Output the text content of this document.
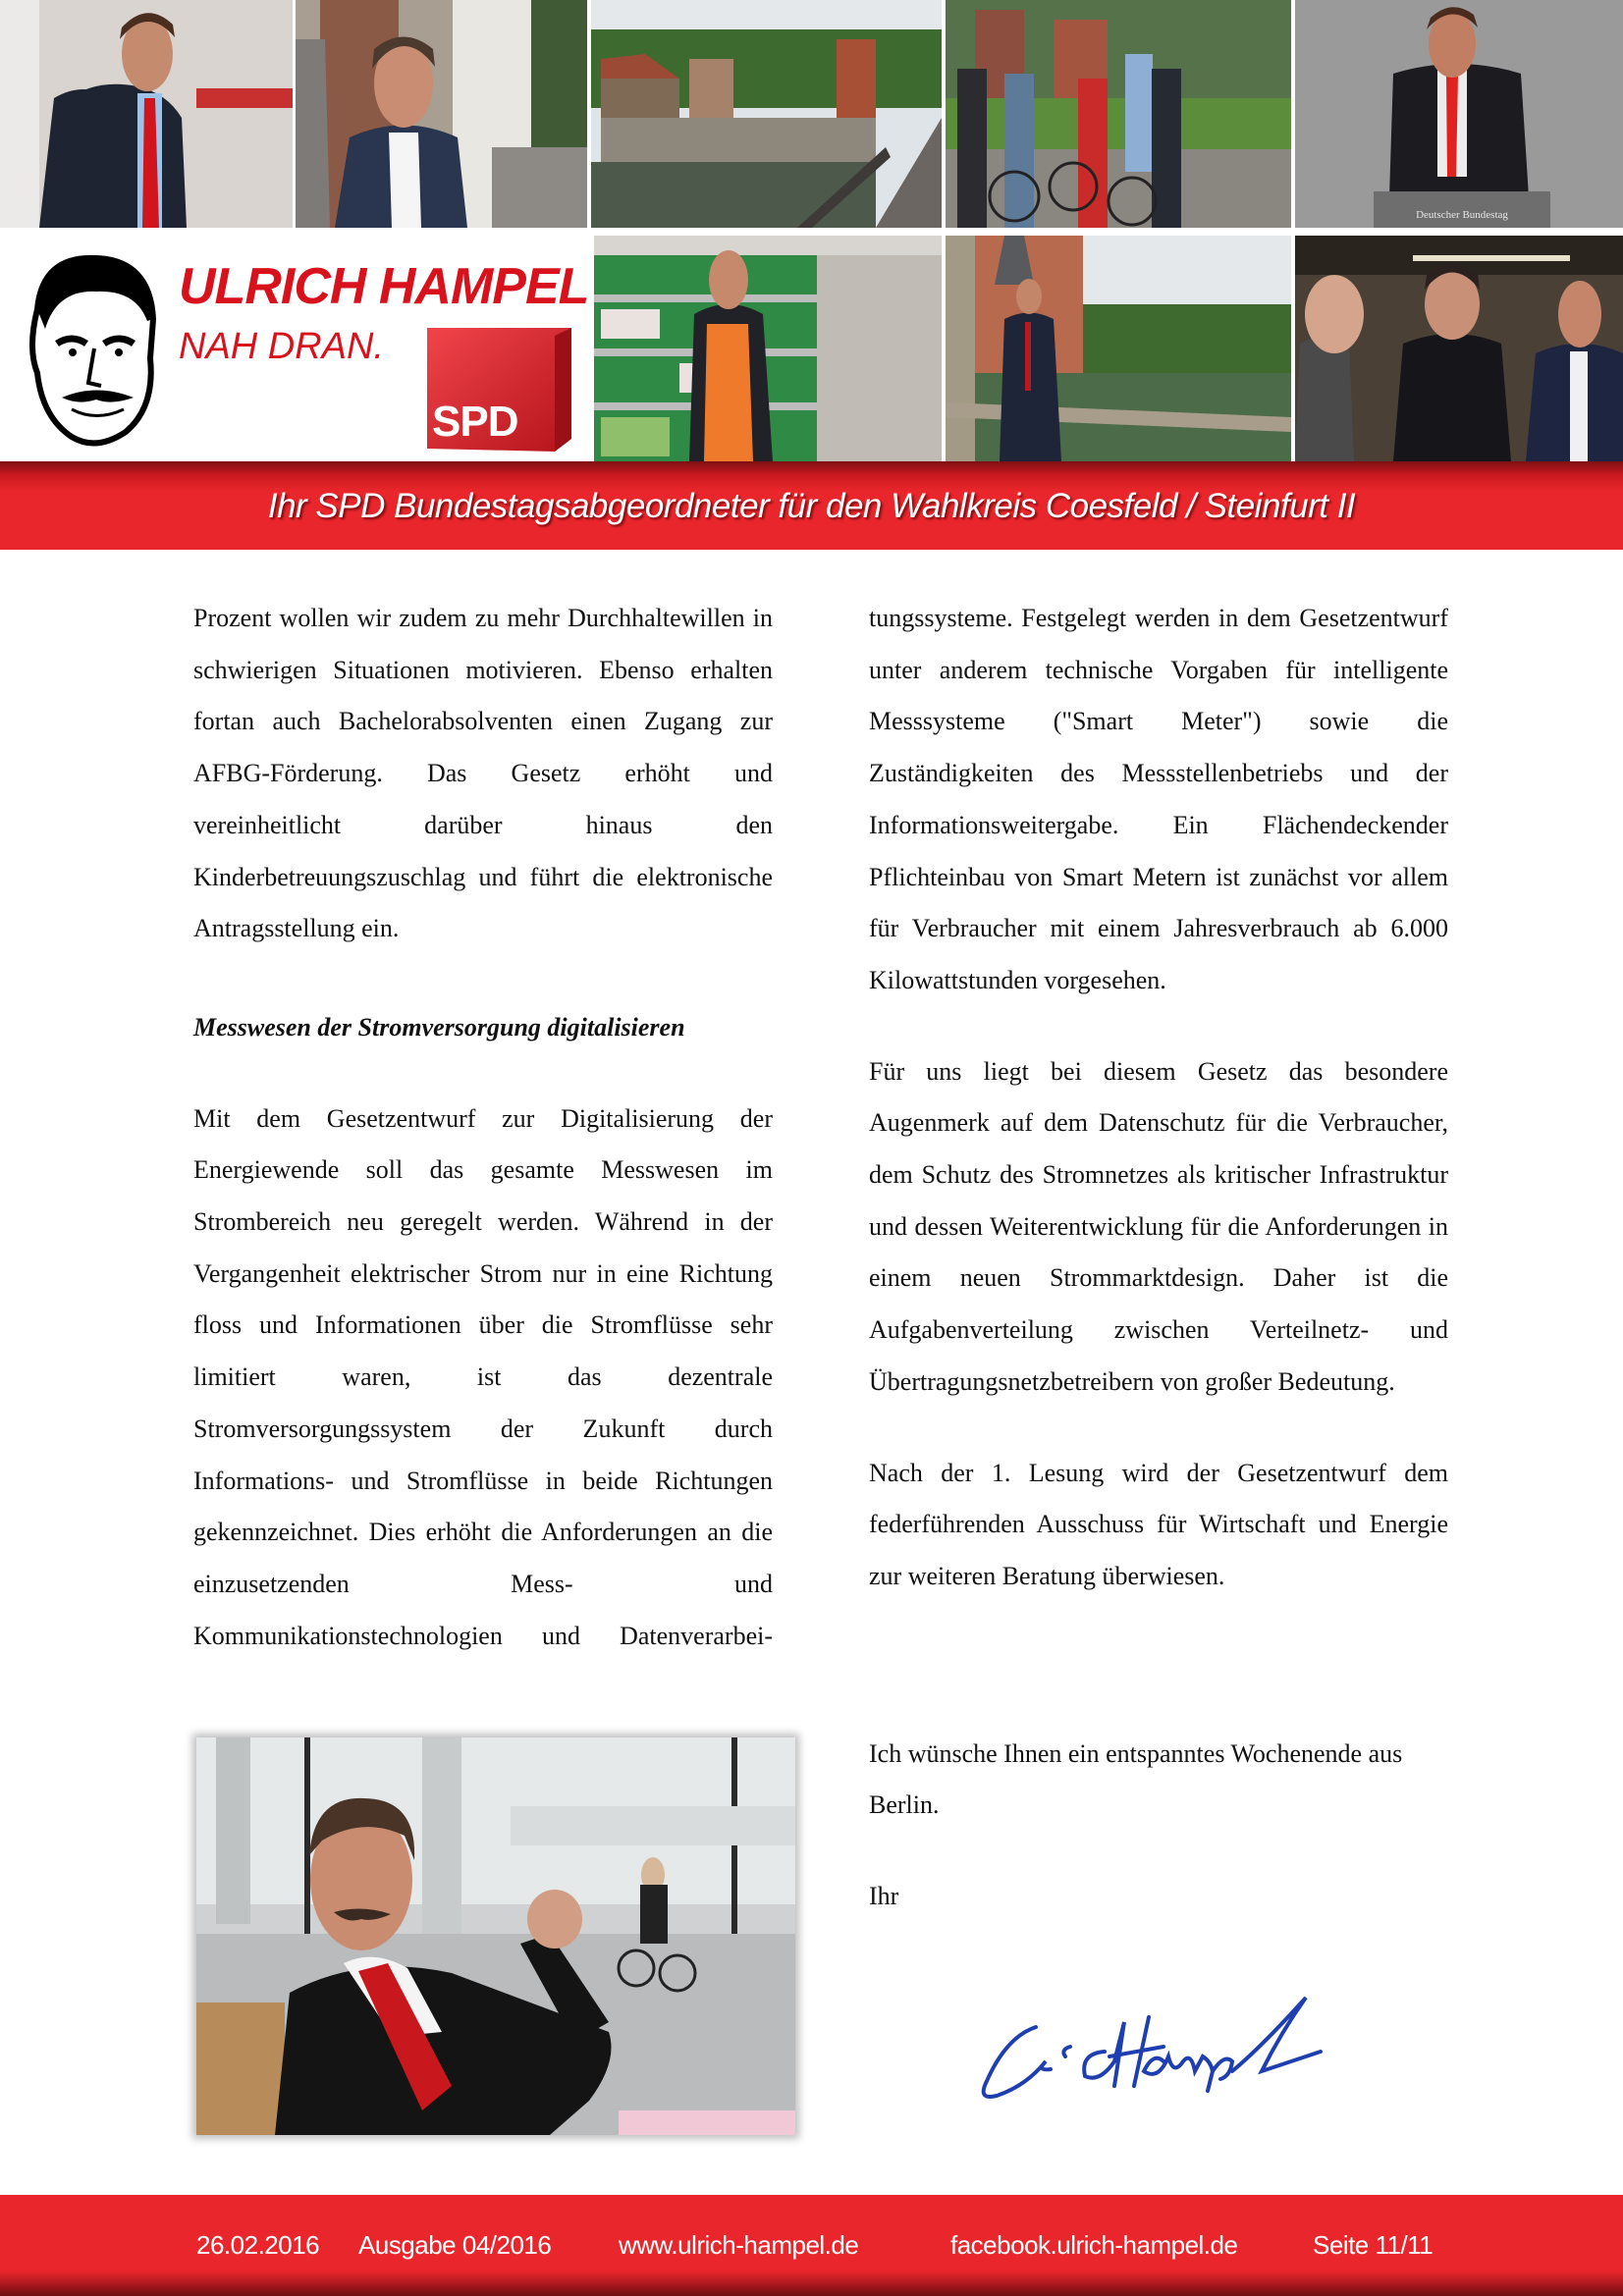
Deutscher Bundestag
ULRICH HAMPEL
NAH DRAN.
SPD
Ihr SPD Bundestagsabgeordneter für den Wahlkreis Coesfeld / Steinfurt II

Prozent wollen wir zudem zu mehr Durchhaltewillen in schwierigen Situationen motivieren. Ebenso erhalten fortan auch Bachelorabsolventen einen Zugang zur AFBG-Förderung. Das Gesetz erhöht und vereinheitlicht darüber hinaus den Kinderbetreuungszuschlag und führt die elektronische Antragsstellung ein.

Messwesen der Stromversorgung digitalisieren

Mit dem Gesetzentwurf zur Digitalisierung der Energiewende soll das gesamte Messwesen im Strombereich neu geregelt werden. Während in der Vergangenheit elektrischer Strom nur in eine Richtung floss und Informationen über die Stromflüsse sehr limitiert waren, ist das dezentrale Stromversorgungssystem der Zukunft durch Informations- und Stromflüsse in beide Richtungen gekennzeichnet. Dies erhöht die Anforderungen an die einzusetzenden Mess- und Kommunikationstechnologien und Datenverarbei-

tungssysteme. Festgelegt werden in dem Gesetzentwurf unter anderem technische Vorgaben für intelligente Messsysteme ("Smart Meter") sowie die Zuständigkeiten des Messstellenbetriebs und der Informationsweitergabe. Ein Flächendeckender Pflichteinbau von Smart Metern ist zunächst vor allem für Verbraucher mit einem Jahresverbrauch ab 6.000 Kilowattstunden vorgesehen.

Für uns liegt bei diesem Gesetz das besondere Augenmerk auf dem Datenschutz für die Verbraucher, dem Schutz des Stromnetzes als kritischer Infrastruktur und dessen Weiterentwicklung für die Anforderungen in einem neuen Strommarktdesign. Daher ist die Aufgabenverteilung zwischen Verteilnetz- und Übertragungsnetzbetreibern von großer Bedeutung.

Nach der 1. Lesung wird der Gesetzentwurf dem federführenden Ausschuss für Wirtschaft und Energie zur weiteren Beratung überwiesen.

Ich wünsche Ihnen ein entspanntes Wochenende aus Berlin.

Ihr

26.02.2016 Ausgabe 04/2016	www.ulrich-hampel.de	facebook.ulrich-hampel.de	Seite 11/11
